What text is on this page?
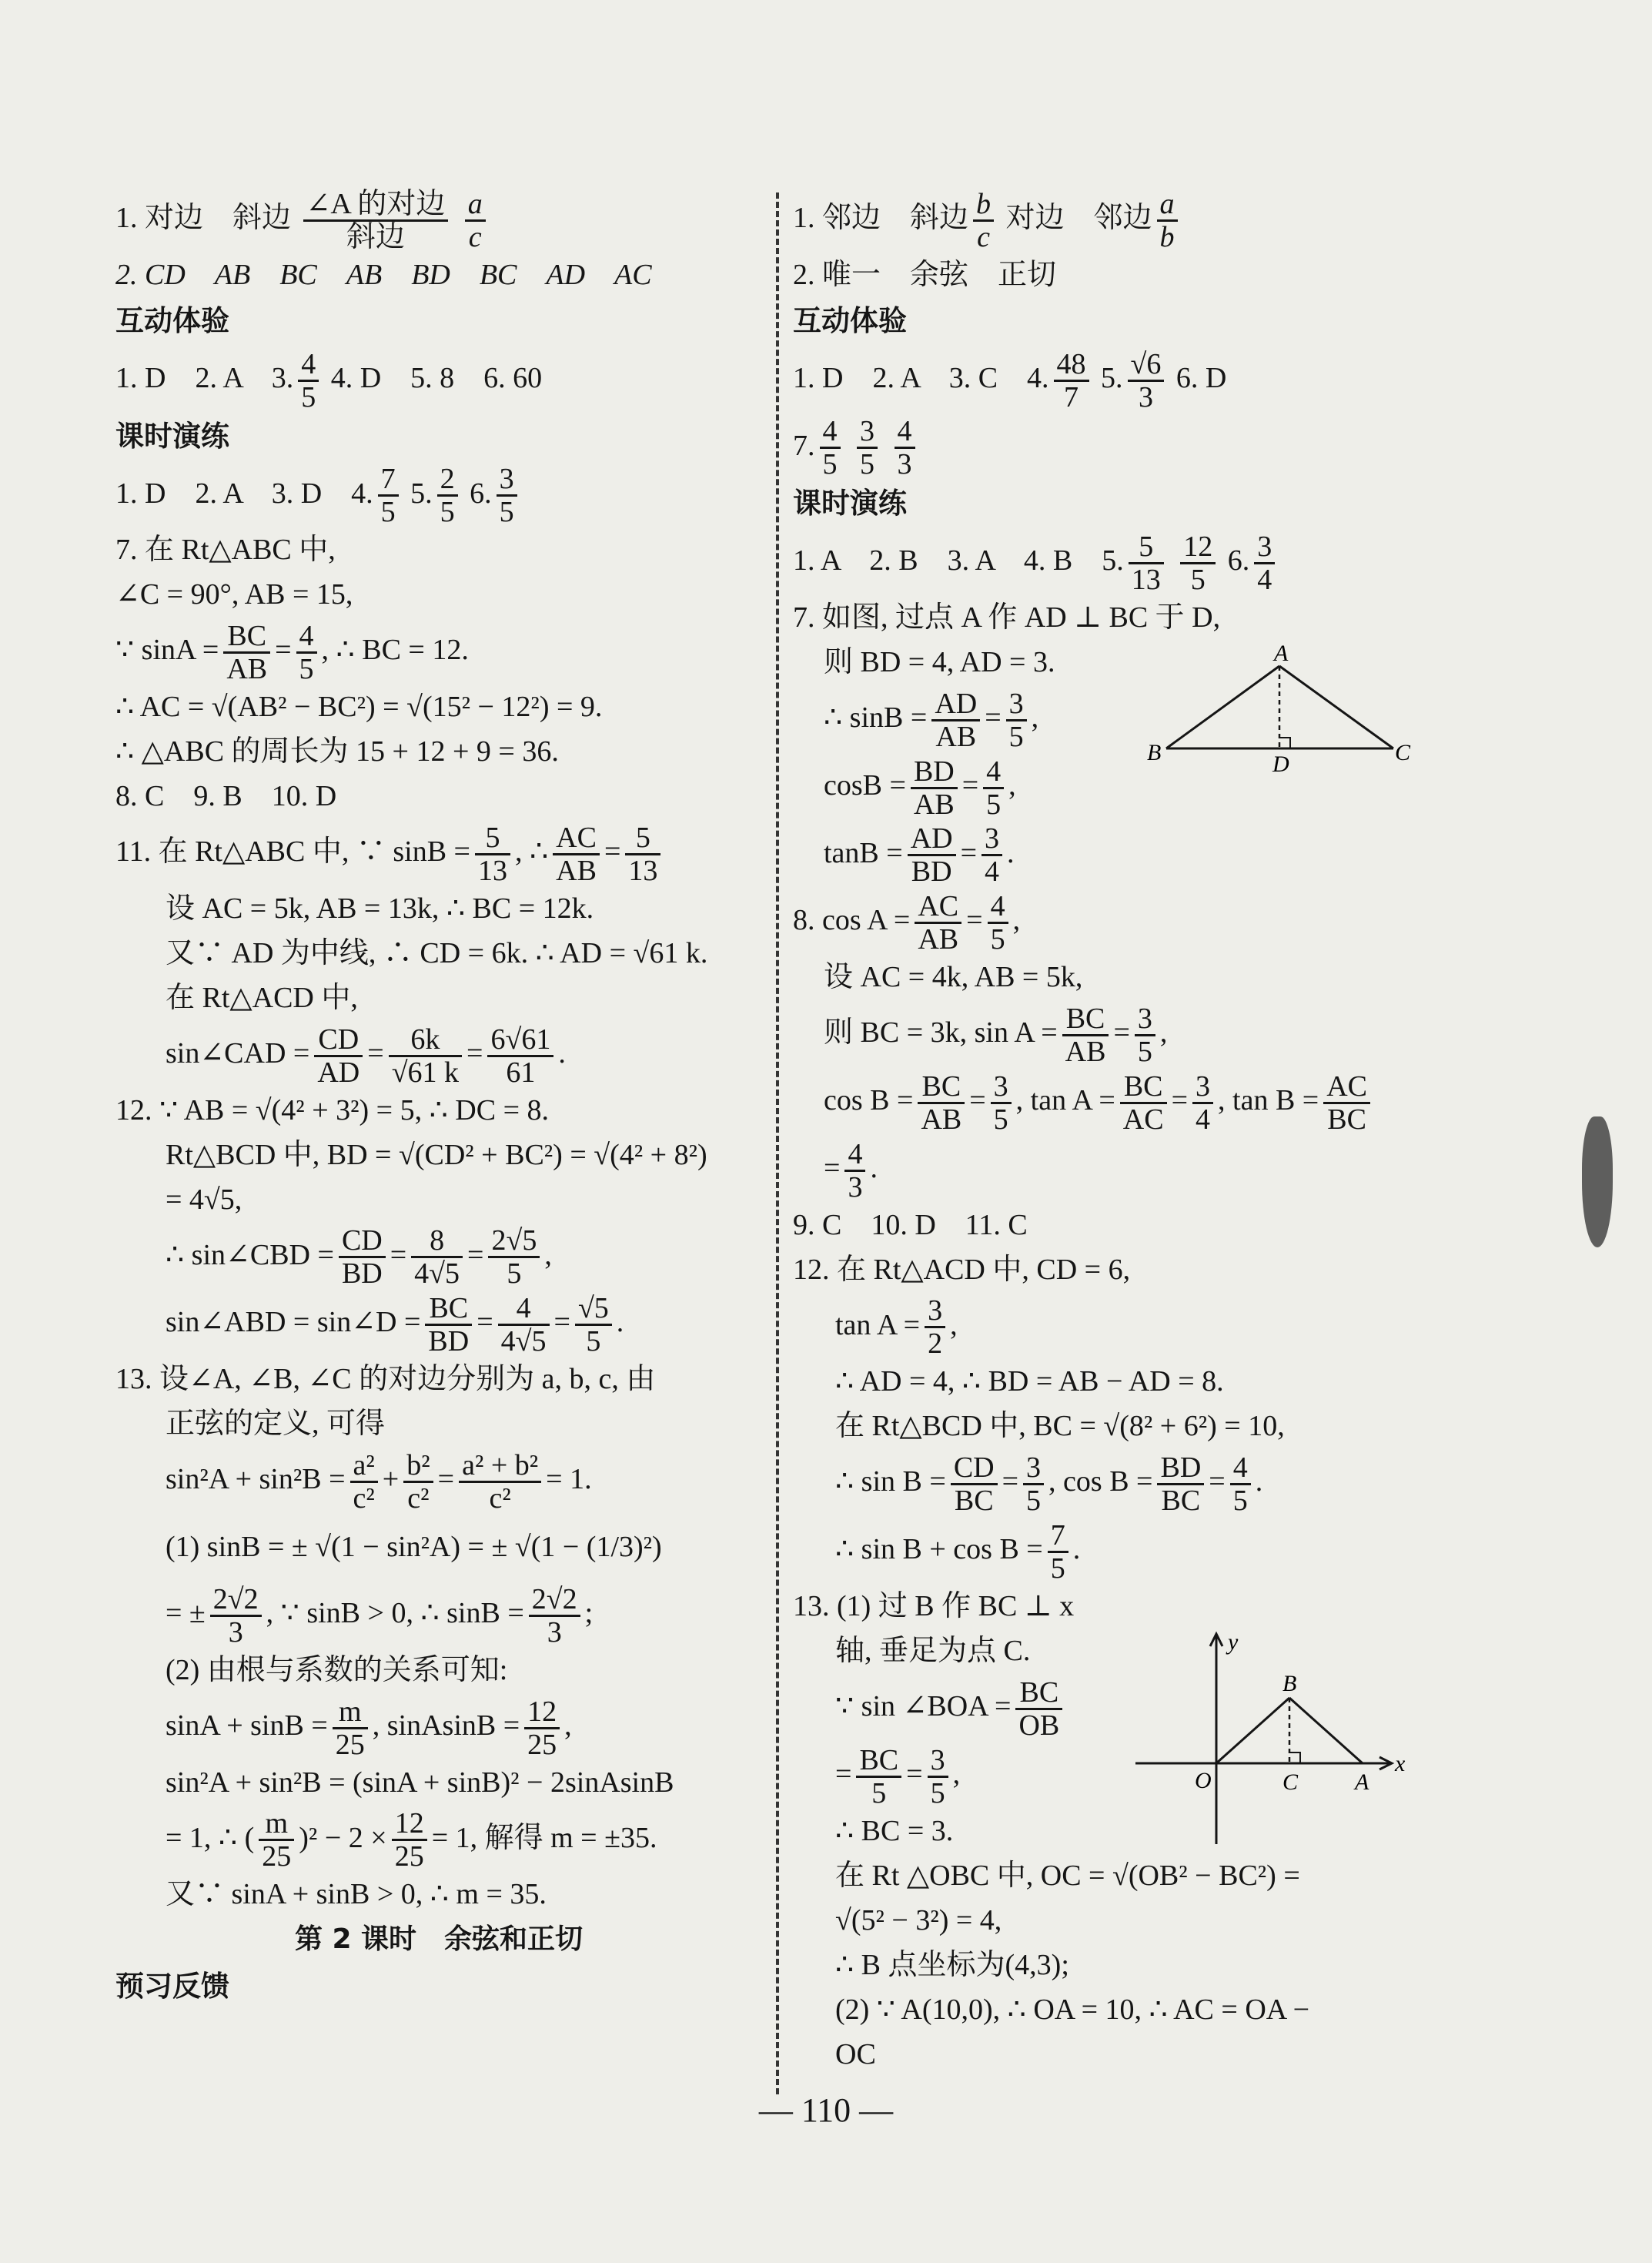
1. 对边　斜边 $\frac{\text{∠A 的对边}}{\text{斜边}}$
$\frac{a}{c}$
2. CD　AB　BC　AB　BD　BC　AD　AC
互动体验
1. D　2. A　3. $\frac{4}{5} 4$. D　5. 8　6. 60
课时演练
1. D　2. A　3. D　4. $\frac{7}{5} 5$. $\frac{2}{5} 6$. $\frac{3}{5}$
7. 在 Rt△ABC 中,
∠C = 90°, AB = 15,
∵ $\sin A = \frac{BC}{AB} = \frac{4}{5}$ , ∴ BC = 12.
∴ AC = √(AB² − BC²) = √(15² − 12²) = 9.
∴ △ABC 的周长为 15 + 12 + 9 = 36.
8. C　9. B　10. D
11. 在 Rt△ABC 中, ∵ $\sin B = \frac{5}{13}$ , ∴ $\frac{AC}{AB} = \frac{5}{13}$
设 AC = 5k, AB = 13k, ∴ BC = 12k.
又∵ AD 为中线, ∴ CD = 6k. ∴ AD = √61 k.
在 Rt△ACD 中,
sin∠CAD = $\frac{CD}{AD} = \frac{6k}{√61 k} = \frac{6√61}{61}$ .
12. ∵ AB = √(4² + 3²) = 5, ∴ DC = 8.
Rt△BCD 中, BD = √(CD² + BC²) = √(4² + 8²)
= 4√5,
∴ sin∠CBD = $\frac{CD}{BD} = \frac{8}{4√5} = \frac{2√5}{5}$ ,
sin∠ABD = sin∠D = $\frac{BC}{BD} = \frac{4}{4√5} = \frac{√5}{5}$ .
13. 设∠A, ∠B, ∠C 的对边分别为 a, b, c, 由
正弦的定义, 可得
$\sin^2A + \sin^2B = \frac{\text{a²}}{\text{c²}} + \frac{\text{b²}}{\text{c²}} = \frac{\text{a² + b²}}{\text{c²}} = 1$.
(1) sinB = ± √(1 − sin²A) = ± √(1 − (1/3)²)
= ± $\frac{2√2}{3}$ , ∵ sinB > 0, ∴ $\sin B = \frac{2√2}{3}$ ;
(2) 由根与系数的关系可知:
$\sin A + \sin B = \frac{m}{25}$ , sinAsinB = $\frac{12}{25}$ ,
sin²A + sin²B = (sinA + sinB)² − 2sinAsinB
= 1, ∴ ( $\frac{m}{25} )^2 - 2 \times \frac{12}{25} = 1$, 解得 m = ±35.
又∵ sinA + sinB > 0, ∴ m = 35.
第 2 课时　余弦和正切
预习反馈
1. 邻边　斜边 $\frac{b}{c}$ 对边　邻边 $\frac{a}{b}$
2. 唯一　余弦　正切
互动体验
1. D　2. A　3. C　4. $\frac{48}{7} 5$. $\frac{√6}{3} 6$. D
7. $\frac{4}{5}$
$\frac{3}{5}$
$\frac{4}{3}$
课时演练
1. A　2. B　3. A　4. B　5. $\frac{5}{13}$
$\frac{12}{5} 6$. $\frac{3}{4}$
7. 如图, 过点 A 作 AD ⊥ BC 于 D,
则 BD = 4, AD = 3.
∴ $\sin B = \frac{AD}{AB} = \frac{3}{5}$ ,
$\cos B = \frac{BD}{AB} = \frac{4}{5}$ ,
$\tan B = \frac{AD}{BD} = \frac{3}{4}$ .
8. $\cos A = \frac{AC}{AB} = \frac{4}{5}$ ,
设 AC = 4k, AB = 5k,
则 BC = 3k, $\sin A = \frac{BC}{AB} = \frac{3}{5}$ ,
$\cos B = \frac{BC}{AB} = \frac{3}{5}$ , $\tan A = \frac{BC}{AC} = \frac{3}{4}$ , $\tan B = \frac{AC}{BC}$
= $\frac{4}{3}$ .
9. C　10. D　11. C
12. 在 Rt△ACD 中, CD = 6,
$\tan A = \frac{3}{2}$ ,
∴ AD = 4, ∴ BD = AB − AD = 8.
在 Rt△BCD 中, BC = √(8² + 6²) = 10,
∴ $\sin B = \frac{CD}{BC} = \frac{3}{5}$ , $\cos B = \frac{BD}{BC} = \frac{4}{5}$ .
∴ $\sin B + \cos B = \frac{7}{5}$ .
13. (1) 过 B 作 BC ⊥ x
轴, 垂足为点 C.
∵ sin ∠BOA = $\frac{BC}{OB}$
= $\frac{BC}{5} = \frac{3}{5}$ ,
∴ BC = 3.
在 Rt △OBC 中, OC = √(OB² − BC²) =
√(5² − 3²) = 4,
∴ B 点坐标为(4,3);
(2) ∵ A(10,0), ∴ OA = 10, ∴ AC = OA −
OC
A
B	D	C
y
x
O
B
C A
— 110 —
